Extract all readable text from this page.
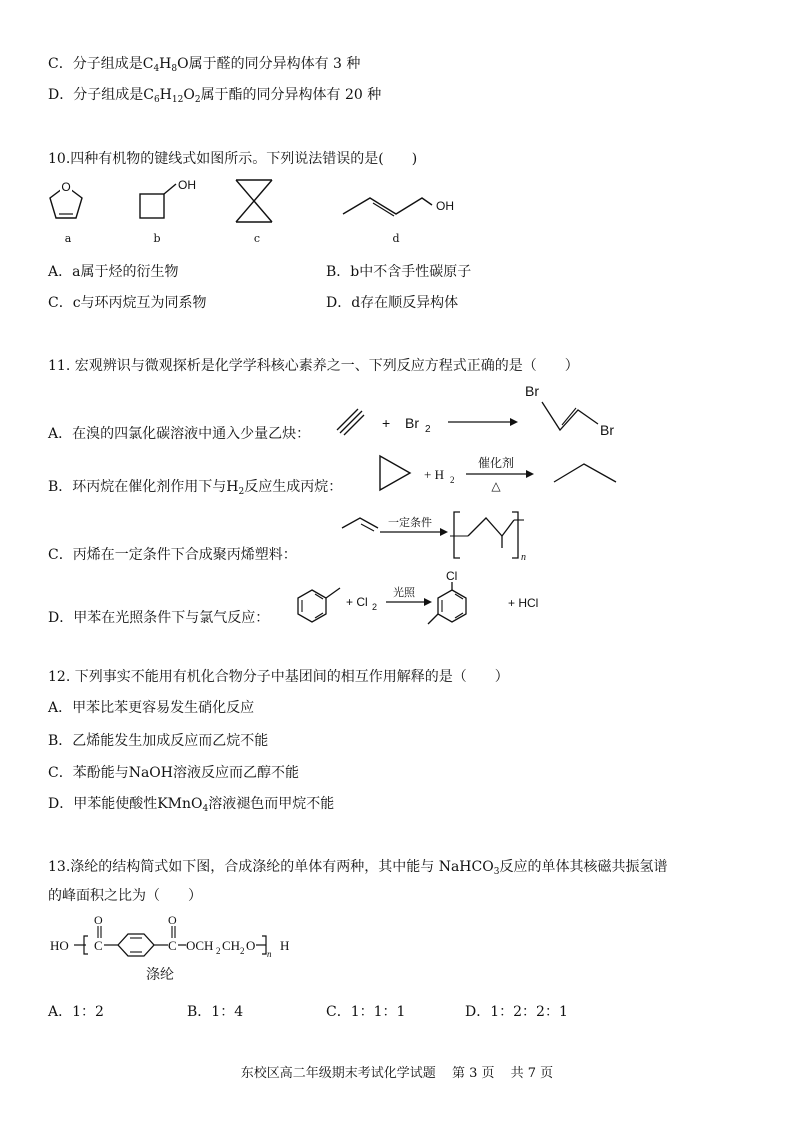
C．分子组成是$C_4H_8O$属于醛的同分异构体有 3 种
D．分子组成是$C_6H_{12}O_2$属于酯的同分异构体有 20 种
10.四种有机物的键线式如图所示。下列说法错误的是(　　)
O	OH
OH
a	b	c	d
A．a属于烃的衍生物	B．b中不含手性碳原子
C．c与环丙烷互为同系物	D．d存在顺反异构体
11. 宏观辨识与微观探析是化学学科核心素养之一、下列反应方程式正确的是（　　）
A．在溴的四氯化碳溶液中通入少量乙炔：
+ Br 2
Br
Br
B．环丙烷在催化剂作用下与$H_2$反应生成丙烷：
+ H 2
催化剂
△
C．丙烯在一定条件下合成聚丙烯塑料：
一定条件
n
D．甲苯在光照条件下与氯气反应：
+ Cl 2
光照
Cl
+ HCl
12. 下列事实不能用有机化合物分子中基团间的相互作用解释的是（　　）
A．甲苯比苯更容易发生硝化反应
B．乙烯能发生加成反应而乙烷不能
C．苯酚能与NaOH溶液反应而乙醇不能
D．甲苯能使酸性KMnO$_4$溶液褪色而甲烷不能
13.涤纶的结构简式如下图，合成涤纶的单体有两种，其中能与 NaHCO$_3$反应的单体其核磁共振氢谱
的峰面积之比为（　　）
HO C
O
C
O
OCH 2 CH 2 O
n
H
涤纶
A．1：2	B．1：4	C．1：1：1	D．1：2：2：1
东校区高二年级期末考试化学试题 第 3 页 共 7 页
